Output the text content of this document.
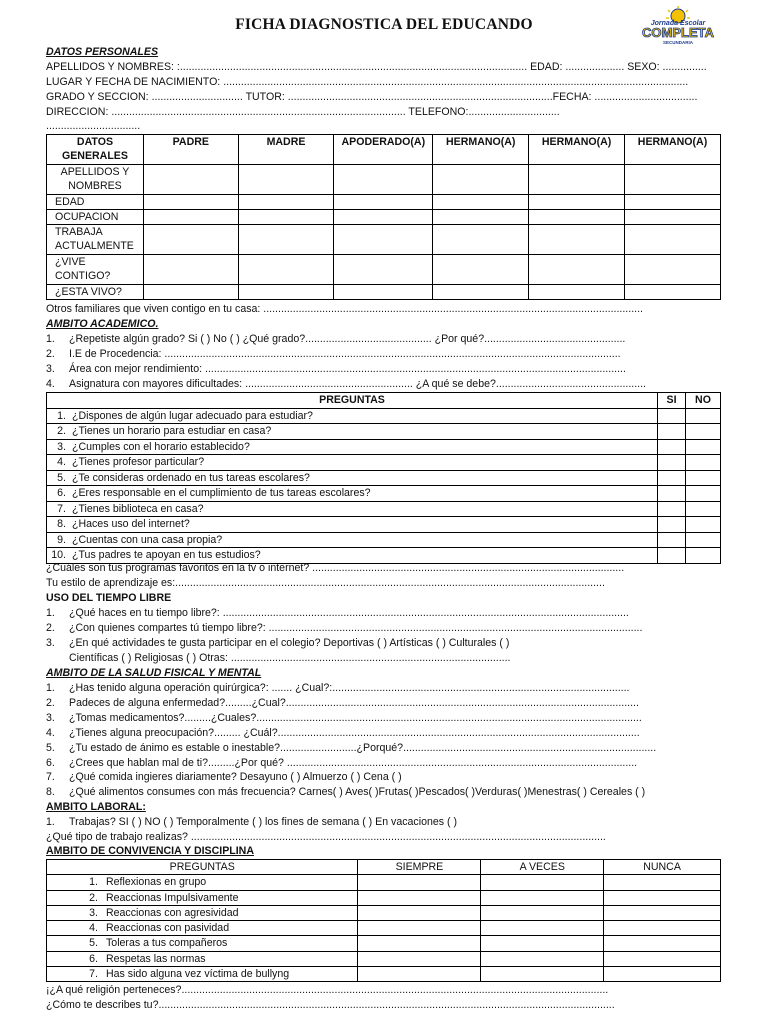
FICHA DIAGNOSTICA DEL EDUCANDO	Jornada Escolar
COMPLETA
SECUNDARIA
DATOS PERSONALES
APELLIDOS Y NOMBRES: :...................................................................................................................... EDAD: .................... SEXO: ...............
LUGAR Y FECHA DE NACIMIENTO: ..............................................................................................................................................................
GRADO Y SECCION: ............................... TUTOR: ..........................................................................................FECHA: ...................................
DIRECCION: .................................................................................................... TELEFONO:...............................
................................
DATOS GENERALES	PADRE	MADRE	APODERADO(A)	HERMANO(A)	HERMANO(A)	HERMANO(A)
APELLIDOS Y NOMBRES						
EDAD						
OCUPACION						
TRABAJA ACTUALMENTE						
¿VIVE CONTIGO?						
¿ESTA VIVO?						
Otros familiares que viven contigo en tu casa: .................................................................................................................................
AMBITO ACADEMICO.
1. ¿Repetiste algún grado? Si ( ) No ( ) ¿Qué grado?........................................... ¿Por qué?................................................
2. I.E de Procedencia: ...........................................................................................................................................................
3. Área con mejor rendimiento: ...............................................................................................................................................
4. Asignatura con mayores dificultades: ......................................................... ¿A qué se debe?...................................................
PREGUNTAS	SI	NO
1. ¿Dispones de algún lugar adecuado para estudiar?		
2. ¿Tienes un horario para estudiar en casa?		
3. ¿Cumples con el horario establecido?		
4. ¿Tienes profesor particular?		
5. ¿Te consideras ordenado en tus tareas escolares?		
6. ¿Eres responsable en el cumplimiento de tus tareas escolares?		
7. ¿Tienes biblioteca en casa?		
8. ¿Haces uso del internet?		
9. ¿Cuentas con una casa propia?		
10. ¿Tus padres te apoyan en tus estudios?		
¿Cuáles son tus programas favoritos en la tv o internet? ..........................................................................................................
Tu estilo de aprendizaje es:..................................................................................................................................................
USO DEL TIEMPO LIBRE
1. ¿Qué haces en tu tiempo libre?: ..........................................................................................................................................
2. ¿Con quienes compartes tú tiempo libre?: ...............................................................................................................................
3. ¿En qué actividades te gusta participar en el colegio? Deportivas ( ) Artísticas ( ) Culturales ( )
Científicas ( ) Religiosas ( ) Otras: ...............................................................................................
AMBITO DE LA SALUD FISICAL Y MENTAL
1. ¿Has tenido alguna operación quirúrgica?: ....... ¿Cual?:.....................................................................................................
2. Padeces de alguna enfermedad?.........¿Cual?........................................................................................................................
3. ¿Tomas medicamentos?.........¿Cuales?...................................................................................................................................
4. ¿Tienes alguna preocupación?......... ¿Cuál?...........................................................................................................................
5. ¿Tu estado de ánimo es estable o inestable?..........................¿Porqué?......................................................................................
6. ¿Crees que hablan mal de ti?.........¿Por qué? .......................................................................................................................
7. ¿Qué comida ingieres diariamente? Desayuno ( ) Almuerzo ( ) Cena ( )
8. ¿Qué alimentos consumes con más frecuencia? Carnes( ) Aves( )Frutas( )Pescados( )Verduras( )Menestras( ) Cereales ( )
AMBITO LABORAL:
1. Trabajas? SI ( ) NO ( ) Temporalmente ( ) los fines de semana ( ) En vacaciones ( )
¿Qué tipo de trabajo realizas? .............................................................................................................................................
AMBITO DE CONVIVENCIA Y DISCIPLINA
PREGUNTAS	SIEMPRE	A VECES	NUNCA
1. Reflexionas en grupo			
2. Reaccionas Impulsivamente			
3. Reaccionas con agresividad			
4. Reaccionas con pasividad			
5. Toleras a tus compañeros			
6. Respetas las normas			
7. Has sido alguna vez víctima de bullyng			
¡¿A qué religión perteneces?.................................................................................................................................................
¿Cómo te describes tu?...........................................................................................................................................................
